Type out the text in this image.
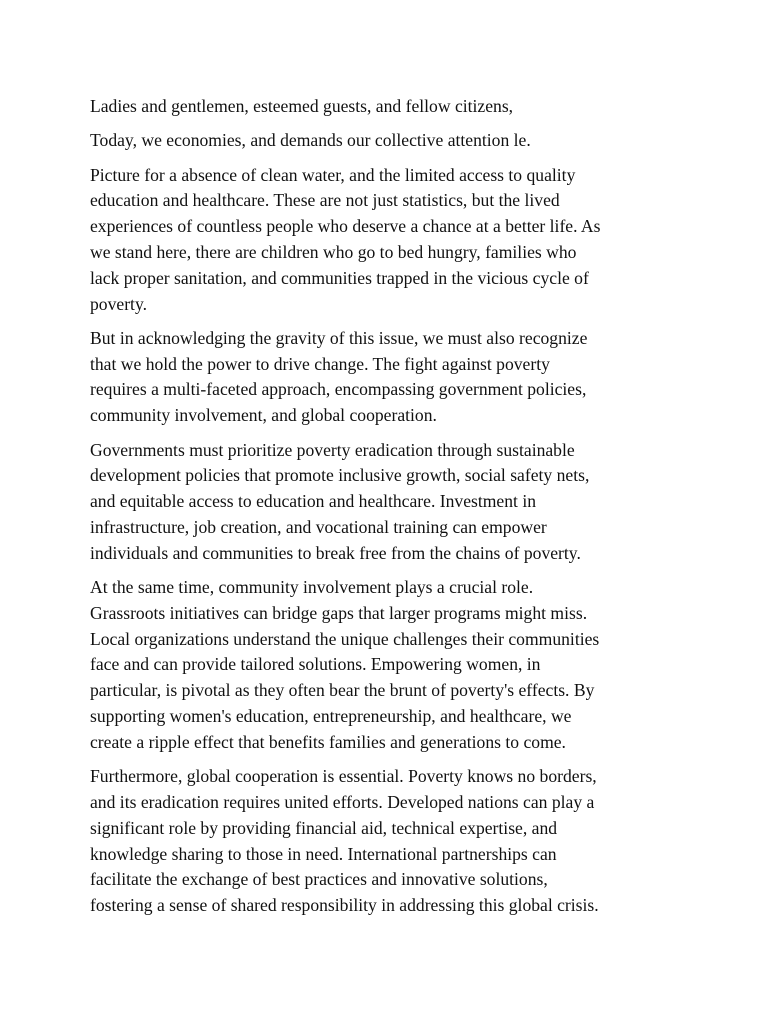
Ladies and gentlemen, esteemed guests, and fellow citizens,

Today, we economies, and demands our collective attention le.

Picture for a absence of clean water, and the limited access to quality
education and healthcare. These are not just statistics, but the lived
experiences of countless people who deserve a chance at a better life. As
we stand here, there are children who go to bed hungry, families who
lack proper sanitation, and communities trapped in the vicious cycle of
poverty.

But in acknowledging the gravity of this issue, we must also recognize
that we hold the power to drive change. The fight against poverty
requires a multi-faceted approach, encompassing government policies,
community involvement, and global cooperation.

Governments must prioritize poverty eradication through sustainable
development policies that promote inclusive growth, social safety nets,
and equitable access to education and healthcare. Investment in
infrastructure, job creation, and vocational training can empower
individuals and communities to break free from the chains of poverty.

At the same time, community involvement plays a crucial role.
Grassroots initiatives can bridge gaps that larger programs might miss.
Local organizations understand the unique challenges their communities
face and can provide tailored solutions. Empowering women, in
particular, is pivotal as they often bear the brunt of poverty's effects. By
supporting women's education, entrepreneurship, and healthcare, we
create a ripple effect that benefits families and generations to come.

Furthermore, global cooperation is essential. Poverty knows no borders,
and its eradication requires united efforts. Developed nations can play a
significant role by providing financial aid, technical expertise, and
knowledge sharing to those in need. International partnerships can
facilitate the exchange of best practices and innovative solutions,
fostering a sense of shared responsibility in addressing this global crisis.
